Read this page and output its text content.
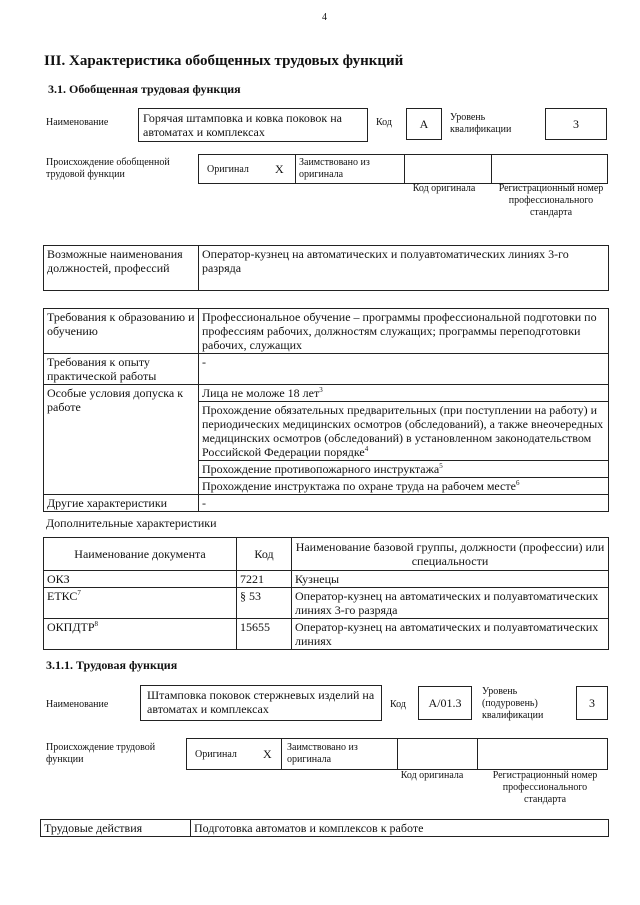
4
III. Характеристика обобщенных трудовых функций
3.1. Обобщенная трудовая функция
Наименование	Горячая штамповка и ковка поковок на автоматах и комплексах
Код	А	Уровень квалификации	3
Происхождение обобщенной трудовой функции	Оригинал X Заимствовано из оригинала
Код оригинала	Регистрационный номер профессионального стандарта
Возможные наименования должностей, профессий	Оператор-кузнец на автоматических и полуавтоматических линиях 3-го разряда
Требования к образованию и обучению	Профессиональное обучение – программы профессиональной подготовки по профессиям рабочих, должностям служащих; программы переподготовки рабочих, служащих
Требования к опыту практической работы	-
Особые условия допуска к работе	Лица не моложе 18 лет$^3$
	Прохождение обязательных предварительных (при поступлении на работу) и периодических медицинских осмотров (обследований), а также внеочередных медицинских осмотров (обследований) в установленном законодательством Российской Федерации порядке$^4$
	Прохождение противопожарного инструктажа$^5$
	Прохождение инструктажа по охране труда на рабочем месте$^6$
Другие характеристики	-
Дополнительные характеристики
Наименование документа	Код	Наименование базовой группы, должности (профессии) или специальности
ОКЗ	7221	Кузнецы
ЕТКС$^7$	§ 53	Оператор-кузнец на автоматических и полуавтоматических линиях 3-го разряда
ОКПДТР$^8$	15655	Оператор-кузнец на автоматических и полуавтоматических линиях
3.1.1. Трудовая функция
Наименование
Штамповка поковок стержневых изделий на автоматах и комплексах	Код	А/01.3
Уровень (подуровень) квалификации
3
Происхождение трудовой функции	Оригинал X Заимствовано из оригинала
Код оригинала	Регистрационный номер профессионального стандарта
Трудовые действия	Подготовка автоматов и комплексов к работе
